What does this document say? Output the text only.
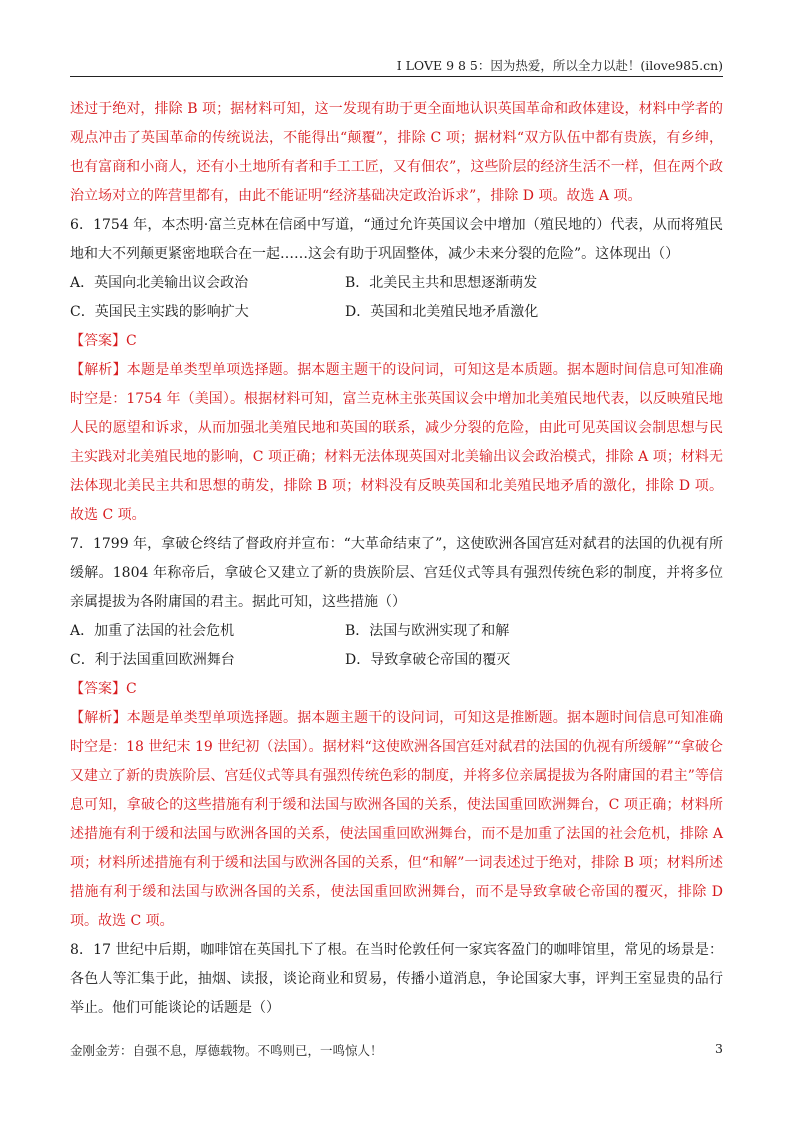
I LOVE 9 8 5：因为热爱，所以全力以赴！(ilove985.cn)

述过于绝对，排除 B 项；据材料可知，这一发现有助于更全面地认识英国革命和政体建设，材料中学者的观点冲击了英国革命的传统说法，不能得出“颠覆”，排除 C 项；据材料“双方队伍中都有贵族，有乡绅，也有富商和小商人，还有小土地所有者和手工工匠，又有佃农”，这些阶层的经济生活不一样，但在两个政治立场对立的阵营里都有，由此不能证明“经济基础决定政治诉求”，排除 D 项。故选 A 项。

6．1754 年，本杰明·富兰克林在信函中写道，“通过允许英国议会中增加（殖民地的）代表，从而将殖民地和大不列颠更紧密地联合在一起……这会有助于巩固整体，减少未来分裂的危险”。这体现出（）

A．英国向北美输出议会政治	B．北美民主共和思想逐渐萌发
C．英国民主实践的影响扩大	D．英国和北美殖民地矛盾激化

【答案】C

【解析】本题是单类型单项选择题。据本题主题干的设问词，可知这是本质题。据本题时间信息可知准确时空是：1754 年（美国）。根据材料可知，富兰克林主张英国议会中增加北美殖民地代表，以反映殖民地人民的愿望和诉求，从而加强北美殖民地和英国的联系，减少分裂的危险，由此可见英国议会制思想与民主实践对北美殖民地的影响，C 项正确；材料无法体现英国对北美输出议会政治模式，排除 A 项；材料无法体现北美民主共和思想的萌发，排除 B 项；材料没有反映英国和北美殖民地矛盾的激化，排除 D 项。故选 C 项。

7．1799 年，拿破仑终结了督政府并宣布：“大革命结束了”，这使欧洲各国宫廷对弑君的法国的仇视有所缓解。1804 年称帝后，拿破仑又建立了新的贵族阶层、宫廷仪式等具有强烈传统色彩的制度，并将多位亲属提拔为各附庸国的君主。据此可知，这些措施（）

A．加重了法国的社会危机	B．法国与欧洲实现了和解
C．利于法国重回欧洲舞台	D．导致拿破仑帝国的覆灭

【答案】C

【解析】本题是单类型单项选择题。据本题主题干的设问词，可知这是推断题。据本题时间信息可知准确时空是：18 世纪末 19 世纪初（法国）。据材料“这使欧洲各国宫廷对弑君的法国的仇视有所缓解”“拿破仑又建立了新的贵族阶层、宫廷仪式等具有强烈传统色彩的制度，并将多位亲属提拔为各附庸国的君主”等信息可知，拿破仑的这些措施有利于缓和法国与欧洲各国的关系，使法国重回欧洲舞台，C 项正确；材料所述措施有利于缓和法国与欧洲各国的关系，使法国重回欧洲舞台，而不是加重了法国的社会危机，排除 A 项；材料所述措施有利于缓和法国与欧洲各国的关系，但“和解”一词表述过于绝对，排除 B 项；材料所述措施有利于缓和法国与欧洲各国的关系，使法国重回欧洲舞台，而不是导致拿破仑帝国的覆灭，排除 D 项。故选 C 项。

8．17 世纪中后期，咖啡馆在英国扎下了根。在当时伦敦任何一家宾客盈门的咖啡馆里，常见的场景是：各色人等汇集于此，抽烟、读报，谈论商业和贸易，传播小道消息，争论国家大事，评判王室显贵的品行举止。他们可能谈论的话题是（）

金刚金芳：自强不息，厚德载物。不鸣则已，一鸣惊人！	3
